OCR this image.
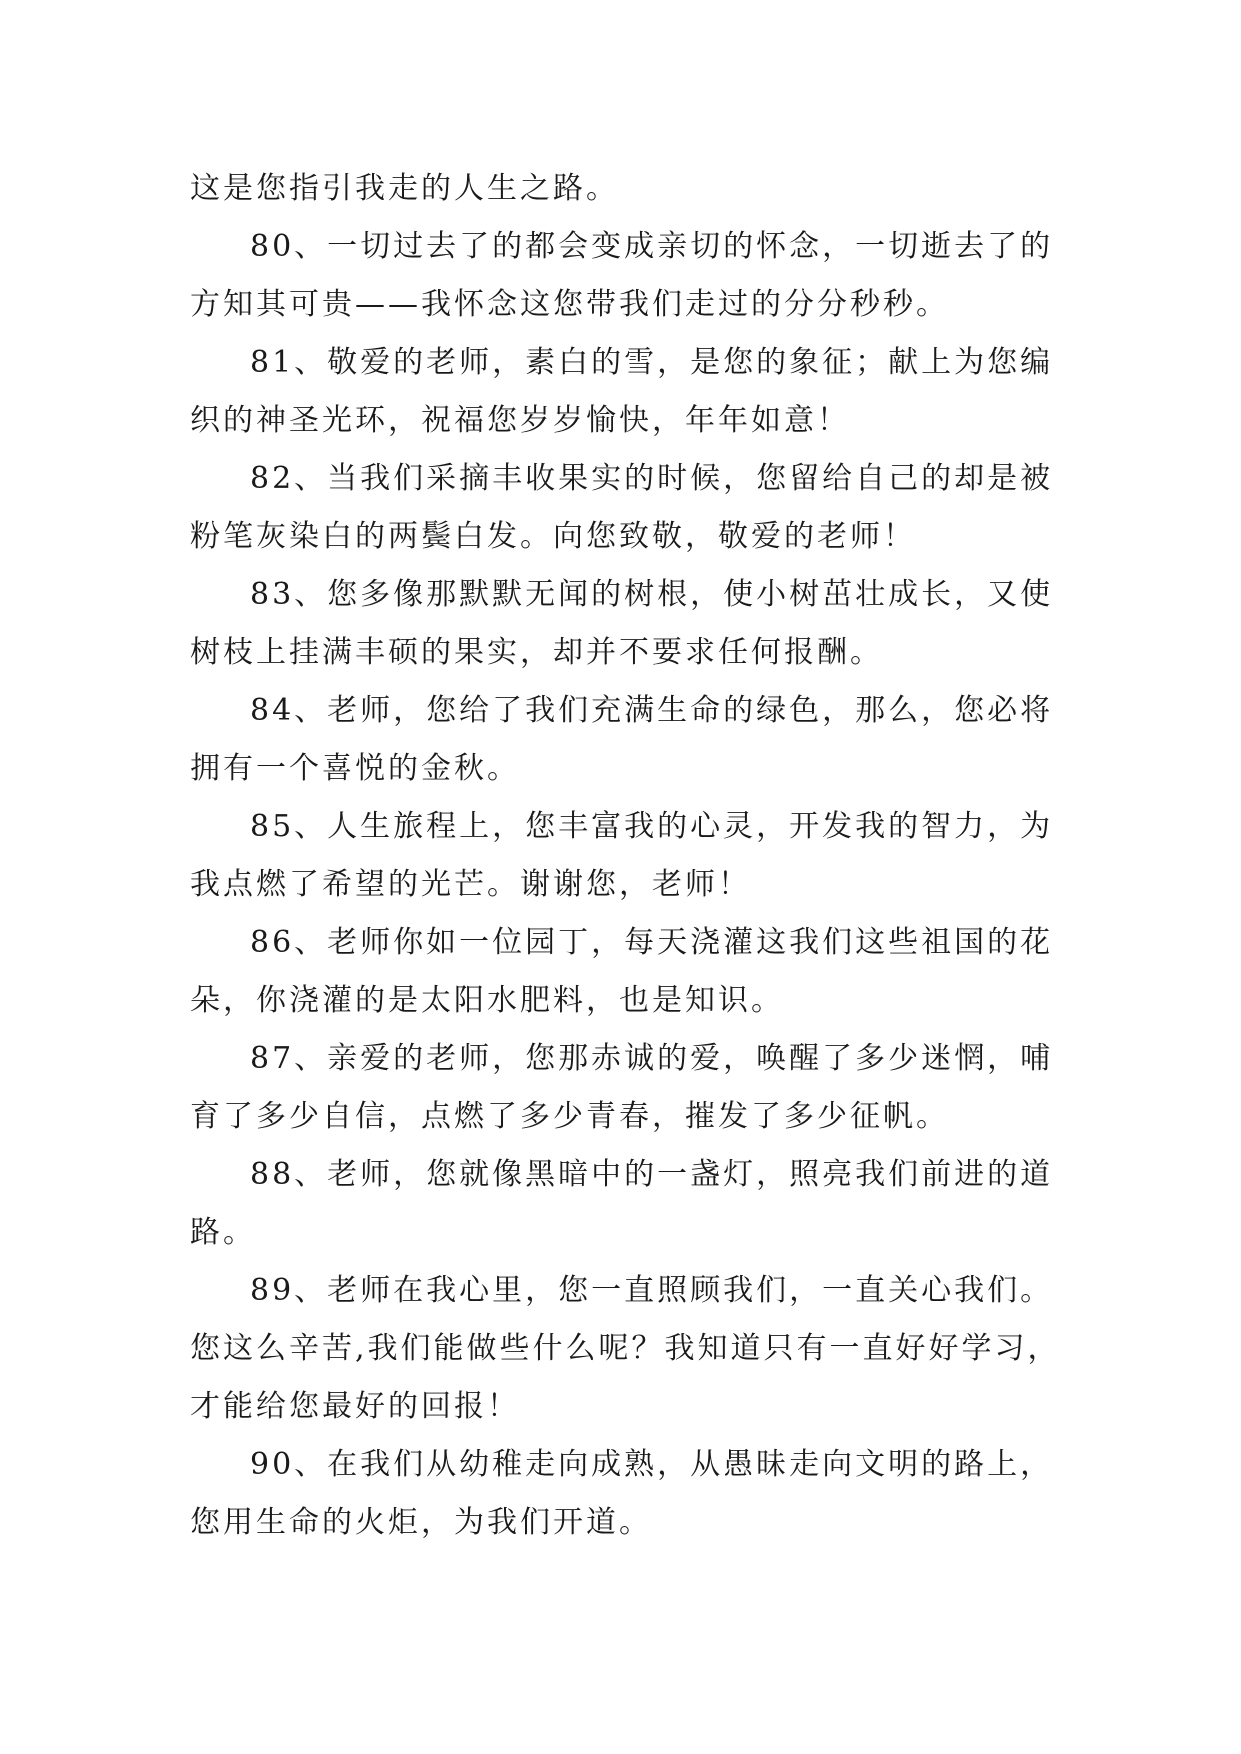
这是您指引我走的人生之路。
80、一切过去了的都会变成亲切的怀念，一切逝去了的
方知其可贵——我怀念这您带我们走过的分分秒秒。
81、敬爱的老师，素白的雪，是您的象征；献上为您编
织的神圣光环，祝福您岁岁愉快，年年如意！
82、当我们采摘丰收果实的时候，您留给自己的却是被
粉笔灰染白的两鬓白发。向您致敬，敬爱的老师！
83、您多像那默默无闻的树根，使小树茁壮成长，又使
树枝上挂满丰硕的果实，却并不要求任何报酬。
84、老师，您给了我们充满生命的绿色，那么，您必将
拥有一个喜悦的金秋。
85、人生旅程上，您丰富我的心灵，开发我的智力，为
我点燃了希望的光芒。谢谢您，老师！
86、老师你如一位园丁，每天浇灌这我们这些祖国的花
朵，你浇灌的是太阳水肥料，也是知识。
87、亲爱的老师，您那赤诚的爱，唤醒了多少迷惘，哺
育了多少自信，点燃了多少青春，摧发了多少征帆。
88、老师，您就像黑暗中的一盏灯，照亮我们前进的道
路。
89、老师在我心里，您一直照顾我们，一直关心我们。
您这么辛苦,我们能做些什么呢？我知道只有一直好好学习，
才能给您最好的回报！
90、在我们从幼稚走向成熟，从愚昧走向文明的路上，
您用生命的火炬，为我们开道。
